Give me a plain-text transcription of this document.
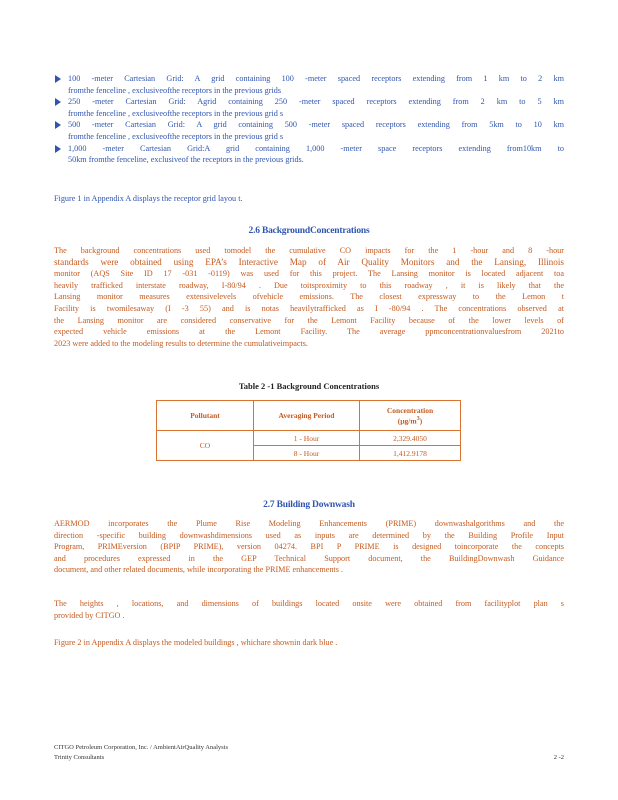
100 -meter Cartesian Grid: A grid containing 100 -meter spaced receptors extending from 1 km to 2 km
fromthe fenceline , exclusiveofthe receptors in the previous grids
250 -meter Cartesian Grid: Agrid containing 250 -meter spaced receptors extending from 2 km to 5 km
fromthe fenceline , exclusiveofthe receptors in the previous grid s
500 -meter Cartesian Grid: A grid containing 500 -meter spaced receptors extending from 5km to 10 km
fromthe fenceline , exclusiveofthe receptors in the previous grid s
1,000 -meter Cartesian Grid:A grid containing 1,000 -meter space receptors extending from10km to
50km fromthe fenceline, exclusiveof the receptors in the previous grids.
Figure 1 in Appendix A displays the receptor grid layou t.
2.6 BackgroundConcentrations
The background concentrations used tomodel the cumulative CO impacts for the 1 -hour and 8 -hour
standards were obtained using EPA’s Interactive Map of Air Quality Monitors and the Lansing, Illinois
monitor (AQS Site ID 17 -031 -0119) was used for this project. The Lansing monitor is located adjacent toa
heavily trafficked interstate roadway, I-80/94 . Due toitsproximity to this roadway , it is likely that the
Lansing monitor measures extensivelevels ofvehicle emissions. The closest expressway to the Lemon t
Facility is twomilesaway (I -3 55) and is notas heavilytrafficked as I -80/94 . The concentrations observed at
the Lansing monitor are considered conservative for the Lemont Facility because of the lower levels of
expected vehicle emissions at the Lemont Facility. The average ppmconcentrationvaluesfrom 2021to
2023 were added to the modeling results to determine the cumulativeimpacts.
Table 2 -1 Background Concentrations
Pollutant	Averaging Period	Concentration
$(\mu g/m^3)$
CO	1 - Hour	2,329.4050
	8 - Hour	1,412.9178
2.7 Building Downwash
AERMOD incorporates the Plume Rise Modeling Enhancements (PRIME) downwashalgorithms and the
direction -specific building downwashdimensions used as inputs are determined by the Building Profile Input
Program, PRIMEversion (BPIP PRIME), version 04274. BPI P PRIME is designed toincorporate the concepts
and procedures expressed in the GEP Technical Support document, the BuildingDownwash Guidance
document, and other related documents, while incorporating the PRIME enhancements .
The heights , locations, and dimensions of buildings located onsite were obtained from facilityplot plan s
provided by CITGO .
Figure 2 in Appendix A displays the modeled buildings , whichare shownin dark blue .
CITGO Petroleum Corporation, Inc. / AmbientAirQuality Analysis
Trinity Consultants	2 -2
